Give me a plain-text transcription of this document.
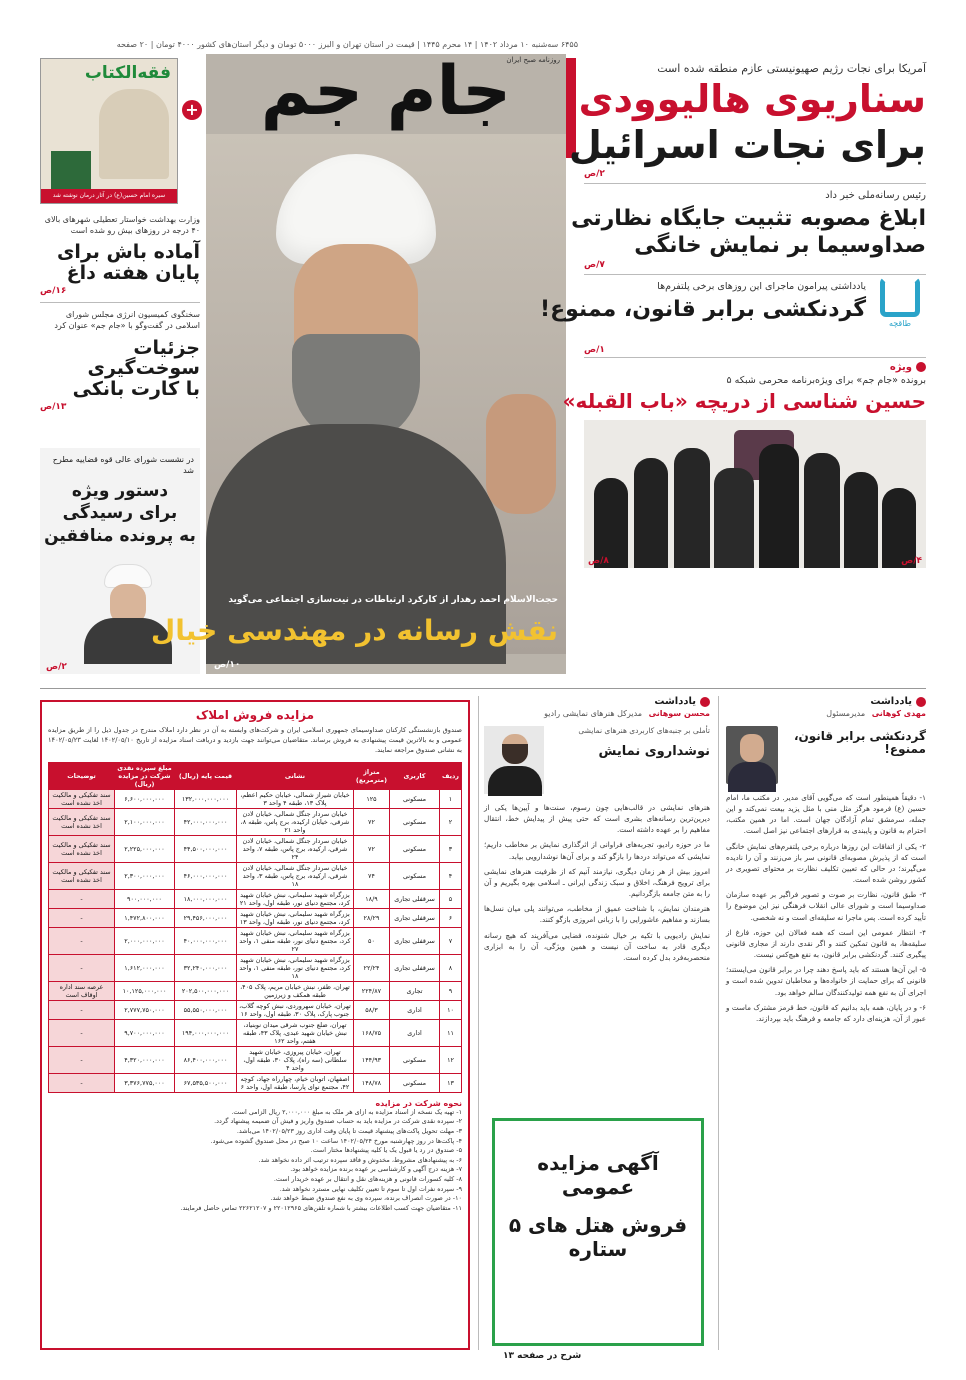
۶۴۵۵ سه‌شنبه ۱۰ مرداد ۱۴۰۲ | ۱۴ محرم ۱۴۴۵ | قیمت در استان تهران و البرز ۵۰۰۰ تومان و دیگر استان‌های کشور ۴۰۰۰ تومان | ۲۰ صفحه
فقه‌الکتاب
سیره امام حسین(ع) در آثار درمان نوشته شد
+
وزارت بهداشت خواستار تعطیلی شهرهای بالای ۴۰ درجه در روزهای بیش رو شده است
آماده باش برای
پایان هفته داغ
۱۶/ص
سخنگوی کمیسیون انرژی مجلس شورای اسلامی در گفت‌وگو با «جام جم» عنوان کرد
جزئیات سوخت‌گیری
با کارت بانکی
۱۳/ص
در نشست شورای عالی قوه قضاییه مطرح شد
دستور ویژه
برای رسیدگی
به پرونده منافقین
۲/ص
جام جم
روزنامه صبح ایران
حجت‌الاسلام احمد رهدار از کارکرد ارتباطات در نیت‌سازی اجتماعی می‌گوید
نقش رسانه در مهندسی خیال
۱۰/ص
آمریکا برای نجات رژیم صهیونیستی عازم منطقه شده است
سناریوی هالیوودی
برای نجات اسرائیل
۲/ص
رئیس رسانه‌ملی خبر داد
ابلاغ مصوبه تثبیت جایگاه نظارتی
صداوسیما بر نمایش خانگی
۷/ص
یادداشتی پیرامون ماجرای این روزهای برخی پلتفرم‌ها
گردنکشی برابر قانون، ممنوع!
طاقچه
۱/ص
ویژه
برونده «جام جم» برای ویژه‌برنامه محرمی شبکه ۵
حسین شناسی از دریچه «باب القبله»
۸/ص	۴/ص
یادداشت
مهدی کوهانی مدیرمسئول
گردنکشی برابر قانون، ممنوع!

۱- دقیقاً همینطور است که می‌گویی آقای مدیر. در مکتب ما، امام حسین (ع) فرمود هرگز مثل منی با مثل یزید بیعت نمی‌کند و این جمله، سرمشق تمام آزادگان جهان است. اما در همین مکتب، احترام به قانون و پایبندی به قرارهای اجتماعی نیز اصل است.

۲- یکی از اتفاقات این روزها درباره برخی پلتفرم‌های نمایش خانگی است که از پذیرش مصوبه‌ای قانونی سر باز می‌زنند و آن را نادیده می‌گیرند؛ در حالی که تعیین تکلیف نظارت بر محتوای تصویری در کشور روشن شده است.

۳- طبق قانون، نظارت بر صوت و تصویر فراگیر بر عهده سازمان صداوسیما است و شورای عالی انقلاب فرهنگی نیز این موضوع را تأیید کرده است. پس ماجرا نه سلیقه‌ای است و نه شخصی.

۴- انتظار عمومی این است که همه فعالان این حوزه، فارغ از سلیقه‌ها، به قانون تمکین کنند و اگر نقدی دارند از مجاری قانونی پیگیری کنند. گردنکشی برابر قانون، به نفع هیچ‌کس نیست.

۵- این آن‌ها هستند که باید پاسخ دهند چرا در برابر قانون می‌ایستند؛ قانونی که برای حمایت از خانواده‌ها و مخاطبان تدوین شده است و اجرای آن به نفع همه تولیدکنندگان سالم خواهد بود.

۶- و در پایان، همه باید بدانیم که قانون، خط قرمز مشترک ماست و عبور از آن، هزینه‌ای دارد که جامعه و فرهنگ باید بپردازند.

یادداشت
محسن سوهانی مدیرکل هنرهای نمایشی رادیو
تأملی بر جنبه‌های کاربردی هنرهای نمایشی
نوشدارو‌ی نمایش

هنرهای نمایشی در قالب‌هایی چون رسوم، سنت‌ها و آیین‌ها یکی از دیرین‌ترین رسانه‌های بشری است که حتی پیش از پیدایش خط، انتقال مفاهیم را بر عهده داشته است.

ما در حوزه رادیو، تجربه‌های فراوانی از اثرگذاری نمایش بر مخاطب داریم؛ نمایشی که می‌تواند دردها را بازگو کند و برای آن‌ها نوشدارویی بیابد.

امروز بیش از هر زمان دیگری، نیازمند آنیم که از ظرفیت هنرهای نمایشی برای ترویج فرهنگ، اخلاق و سبک زندگی ایرانی ـ اسلامی بهره بگیریم و آن را به متن جامعه بازگردانیم.

هنرمندان نمایش، با شناخت عمیق از مخاطب، می‌توانند پلی میان نسل‌ها بسازند و مفاهیم عاشورایی را با زبانی امروزی بازگو کنند.

نمایش رادیویی با تکیه بر خیال شنونده، فضایی می‌آفریند که هیچ رسانه دیگری قادر به ساخت آن نیست و همین ویژگی، آن را به ابزاری منحصربه‌فرد بدل کرده است.

آگهی مزایده عمومی
فروش هتل های ۵ ستاره
شرح در صفحه ۱۳
مزایده فروش املاک
صندوق بازنشستگی کارکنان صداوسیمای جمهوری اسلامی ایران و شرکت‌های وابسته به آن در نظر دارد املاک مندرج در جدول ذیل را از طریق مزایده عمومی و به بالاترین قیمت پیشنهادی به فروش برساند. متقاضیان می‌توانند جهت بازدید و دریافت اسناد مزایده از تاریخ ۱۴۰۲/۰۵/۱۰ لغایت ۱۴۰۲/۰۵/۲۳ به نشانی صندوق مراجعه نمایند.
ردیف	کاربری	متراژ (مترمربع)	نشانی	قیمت پایه (ریال)	مبلغ سپرده نقدی شرکت در مزایده (ریال)	توضیحات
۱	مسکونی	۱۲۵	خیابان شیراز شمالی، خیابان حکیم اعظم، پلاک ۱۳، طبقه ۴ واحد ۳	۱۳۲,۰۰۰,۰۰۰,۰۰۰	۶,۶۰۰,۰۰۰,۰۰۰	سند تفکیکی و مالکیت اخذ نشده است
۲	مسکونی	۷۲	خیابان سردار جنگل شمالی، خیابان لادن شرقی، خیابان ارکیده، برج پاس، طبقه ۸، واحد ۲۱	۴۲,۰۰۰,۰۰۰,۰۰۰	۲,۱۰۰,۰۰۰,۰۰۰	سند تفکیکی و مالکیت اخذ نشده است
۳	مسکونی	۷۲	خیابان سردار جنگل شمالی، خیابان لادن شرقی، ارکیده، برج پاس، طبقه ۷، واحد ۲۴	۴۴,۵۰۰,۰۰۰,۰۰۰	۲,۲۲۵,۰۰۰,۰۰۰	سند تفکیکی و مالکیت اخذ نشده است
۴	مسکونی	۷۴	خیابان سردار جنگل شمالی، خیابان لادن شرقی، ارکیده، برج پاس، طبقه ۳، واحد ۱۸	۴۶,۰۰۰,۰۰۰,۰۰۰	۲,۳۰۰,۰۰۰,۰۰۰	سند تفکیکی و مالکیت اخذ نشده است
۵	سرقفلی تجاری	۱۸/۹	بزرگراه شهید سلیمانی، نبش خیابان شهید کرد، مجتمع دنیای نور، طبقه اول، واحد ۲۱	۱۸,۰۰۰,۰۰۰,۰۰۰	۹۰۰,۰۰۰,۰۰۰	-
۶	سرقفلی تجاری	۲۸/۲۹	بزرگراه شهید سلیمانی، نبش خیابان شهید کرد، مجتمع دنیای نور، طبقه اول، واحد ۱۳	۲۹,۴۵۶,۰۰۰,۰۰۰	۱,۴۷۲,۸۰۰,۰۰۰	-
۷	سرقفلی تجاری	۵۰	بزرگراه شهید سلیمانی، نبش خیابان شهید کرد، مجتمع دنیای نور، طبقه منفی ۱، واحد ۲۷	۴۰,۰۰۰,۰۰۰,۰۰۰	۲,۰۰۰,۰۰۰,۰۰۰	-
۸	سرقفلی تجاری	۲۲/۲۴	بزرگراه شهید سلیمانی، نبش خیابان شهید کرد، مجتمع دنیای نور، طبقه منفی ۱، واحد ۱۸	۳۲,۲۴۰,۰۰۰,۰۰۰	۱,۶۱۲,۰۰۰,۰۰۰	-
۹	تجاری	۲۲۴/۸۷	تهران، ظفر، نبش خیابان مریم، پلاک ۴۰۵، طبقه همکف و زیرزمین	۲۰۲,۵۰۰,۰۰۰,۰۰۰	۱۰,۱۲۵,۰۰۰,۰۰۰	عرصه سند اداره اوقاف است
۱۰	اداری	۵۸/۳	تهران، خیابان سهروردی، نبش کوچه گلاب، جنوب پارک، پلاک ۳۰، طبقه اول، واحد ۱۶	۵۵,۵۵۰,۰۰۰,۰۰۰	۲,۷۷۷,۷۵۰,۰۰۰	-
۱۱	اداری	۱۶۸/۷۵	تهران، ضلع جنوب شرقی میدان نوبنیاد، نبش خیابان شهید عبدی، پلاک ۴۳، طبقه هفتم، واحد ۱۶۲	۱۹۴,۰۰۰,۰۰۰,۰۰۰	۹,۷۰۰,۰۰۰,۰۰۰	-
۱۲	مسکونی	۱۴۴/۹۳	تهران، خیابان پیروزی، خیابان شهید سلطانی (سه راه)، پلاک ۳۰، طبقه اول، واحد ۴	۸۶,۴۰۰,۰۰۰,۰۰۰	۴,۳۲۰,۰۰۰,۰۰۰	-
۱۳	مسکونی	۱۴۸/۷۸	اصفهان، اتوبان خیام، چهارراه جهاد، کوچه ۴۲، مجتمع نوای پارسا، طبقه اول، واحد ۶	۶۷,۵۳۵,۵۰۰,۰۰۰	۳,۳۷۶,۷۷۵,۰۰۰	-
نحوه شرکت در مزایده
۱- تهیه یک نسخه از اسناد مزایده به ازای هر ملک به مبلغ ۲,۰۰۰,۰۰۰ ریال الزامی است.
۲- سپرده نقدی شرکت در مزایده باید به حساب صندوق واریز و فیش آن ضمیمه پیشنهاد گردد.
۳- مهلت تحویل پاکت‌های پیشنهاد قیمت تا پایان وقت اداری روز ۱۴۰۲/۰۵/۲۳ می‌باشد.
۴- پاکت‌ها در روز چهارشنبه مورخ ۱۴۰۲/۰۵/۲۴ ساعت ۱۰ صبح در محل صندوق گشوده می‌شود.
۵- صندوق در رد یا قبول یک یا کلیه پیشنهادها مختار است.
۶- به پیشنهادهای مشروط، مخدوش و فاقد سپرده ترتیب اثر داده نخواهد شد.
۷- هزینه درج آگهی و کارشناسی بر عهده برنده مزایده خواهد بود.
۸- کلیه کسورات قانونی و هزینه‌های نقل و انتقال بر عهده خریدار است.
۹- سپرده نفرات اول تا سوم تا تعیین تکلیف نهایی مسترد نخواهد شد.
۱۰- در صورت انصراف برنده، سپرده وی به نفع صندوق ضبط خواهد شد.
۱۱- متقاضیان جهت کسب اطلاعات بیشتر با شماره تلفن‌های ۲۲۰۱۲۹۶۵ و ۲۲۶۲۱۲۰۷ تماس حاصل فرمایند.
